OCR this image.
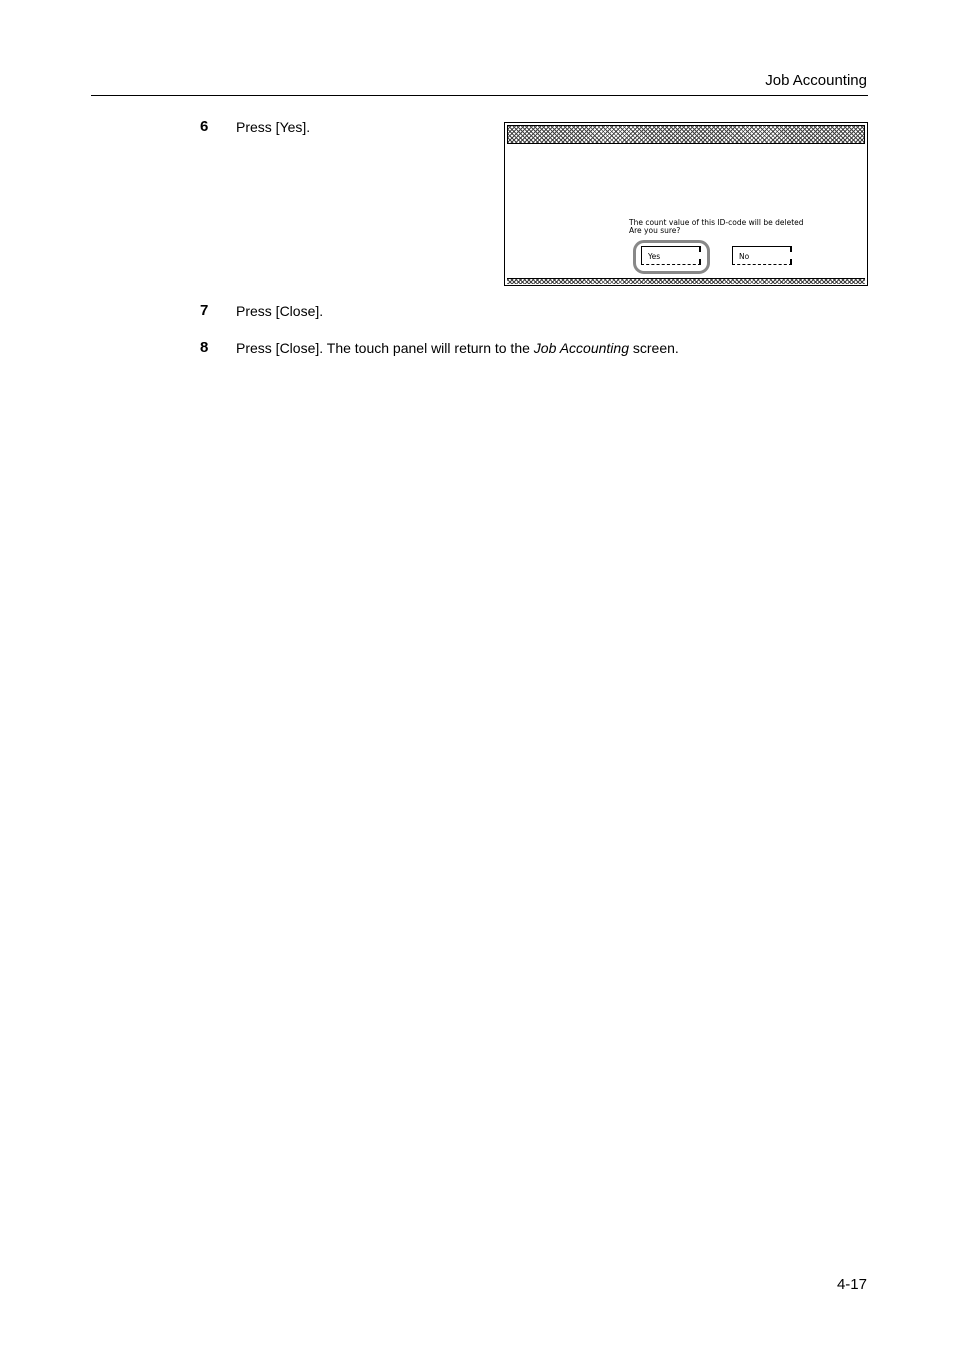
Job Accounting
6 Press [Yes].
The count value of this ID-code will be deleted
Are you sure?
Yes	No
7 Press [Close].
8 Press [Close]. The touch panel will return to the Job Accounting screen.
4-17
